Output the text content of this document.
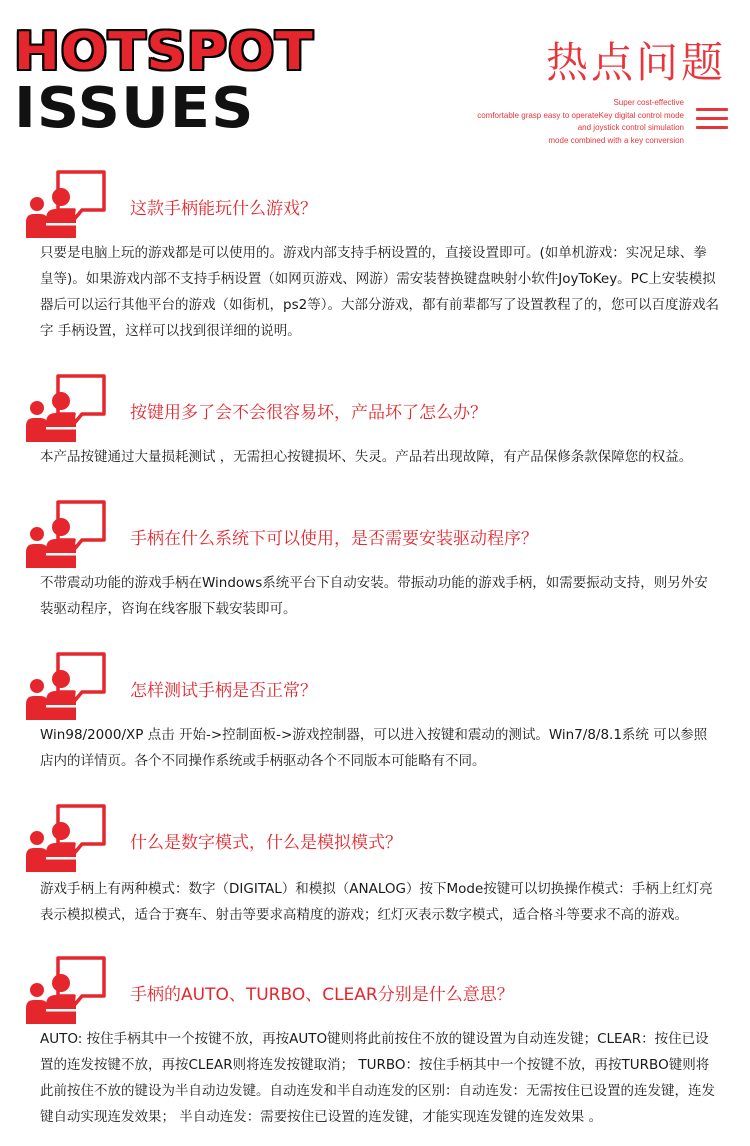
HOTSPOT
ISSUES
热点问题
Super cost-effective
comfortable grasp easy to operateKey digital control mode
and joystick control simulation
mode combined with a key conversion
这款手柄能玩什么游戏？

只要是电脑上玩的游戏都是可以使用的。游戏内部支持手柄设置的，直接设置即可。(如单机游戏：实况足球、拳皇等)。如果游戏内部不支持手柄设置（如网页游戏、网游）需安装替换键盘映射小软件JoyToKey。PC上安装模拟器后可以运行其他平台的游戏（如街机，ps2等）。大部分游戏，都有前辈都写了设置教程了的，您可以百度游戏名字 手柄设置，这样可以找到很详细的说明。

按键用多了会不会很容易坏，产品坏了怎么办？

本产品按键通过大量损耗测试 ，无需担心按键损坏、失灵。产品若出现故障，有产品保修条款保障您的权益。

手柄在什么系统下可以使用，是否需要安装驱动程序？

不带震动功能的游戏手柄在Windows系统平台下自动安装。带振动功能的游戏手柄，如需要振动支持，则另外安装驱动程序，咨询在线客服下载安装即可。

怎样测试手柄是否正常？

Win98/2000/XP 点击 开始->控制面板->游戏控制器，可以进入按键和震动的测试。Win7/8/8.1系统 可以参照店内的详情页。各个不同操作系统或手柄驱动各个不同版本可能略有不同。

什么是数字模式，什么是模拟模式？

游戏手柄上有两种模式：数字（DIGITAL）和模拟（ANALOG）按下Mode按键可以切换操作模式：手柄上红灯亮表示模拟模式，适合于赛车、射击等要求高精度的游戏；红灯灭表示数字模式，适合格斗等要求不高的游戏。

手柄的AUTO、TURBO、CLEAR分别是什么意思？

AUTO: 按住手柄其中一个按键不放，再按AUTO键则将此前按住不放的键设置为自动连发键；CLEAR：按住已设置的连发按键不放，再按CLEAR则将连发按键取消； TURBO：按住手柄其中一个按键不放，再按TURBO键则将此前按住不放的键设为半自动边发键。自动连发和半自动连发的区别：自动连发：无需按住已设置的连发键，连发键自动实现连发效果； 半自动连发：需要按住已设置的连发键，才能实现连发键的连发效果 。
